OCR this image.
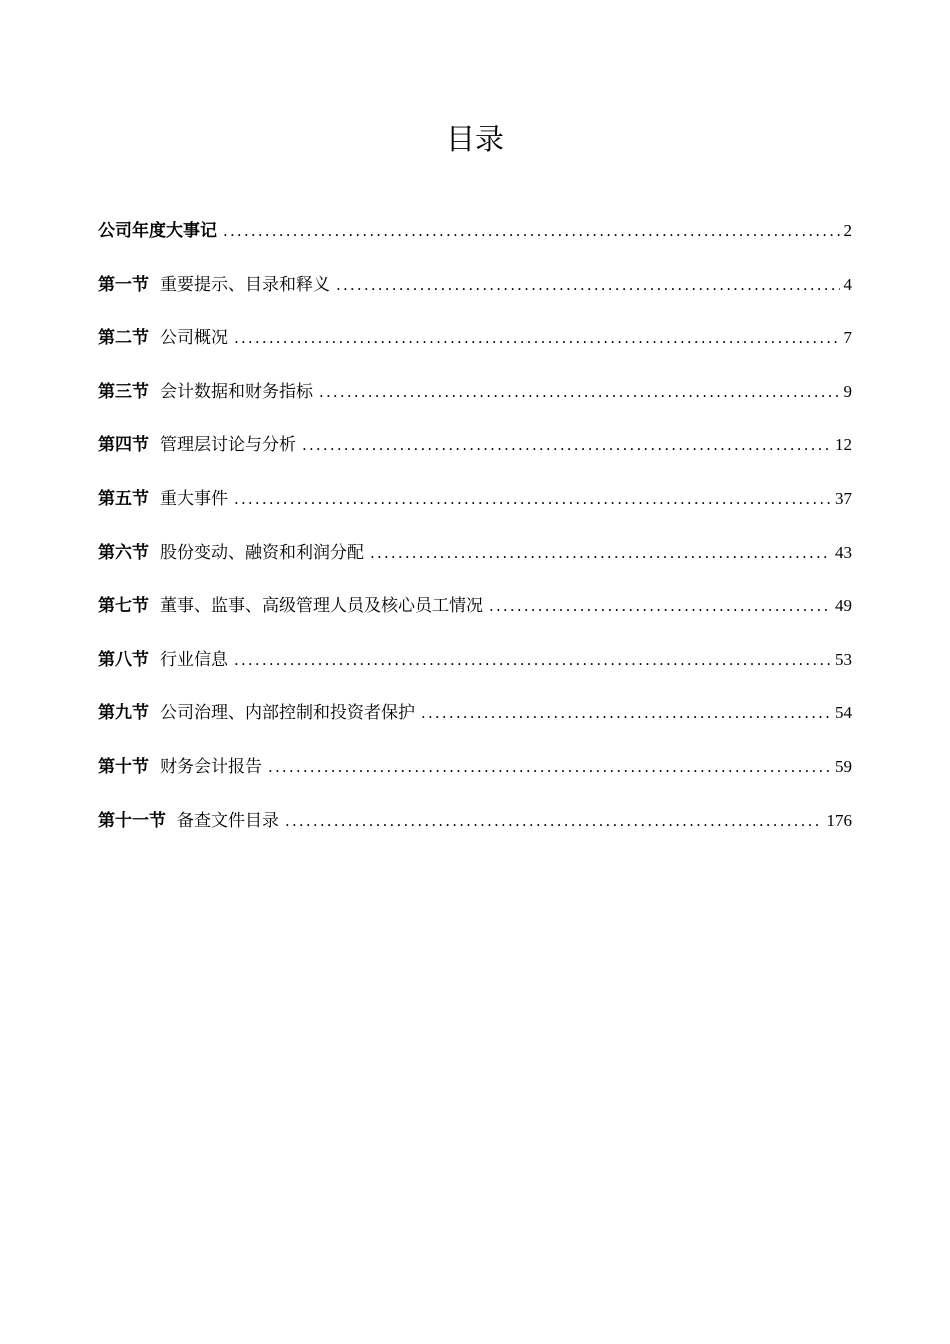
目录
公司年度大事记 .....	2
第一节 重要提示、目录和释义 .....	4
第二节 公司概况 .....	7
第三节 会计数据和财务指标 .....	9
第四节 管理层讨论与分析 .....	12
第五节 重大事件 .....	37
第六节 股份变动、融资和利润分配 .....	43
第七节 董事、监事、高级管理人员及核心员工情况 .....	49
第八节 行业信息 .....	53
第九节 公司治理、内部控制和投资者保护 .....	54
第十节 财务会计报告 .....	59
第十一节 备查文件目录 .....	176
